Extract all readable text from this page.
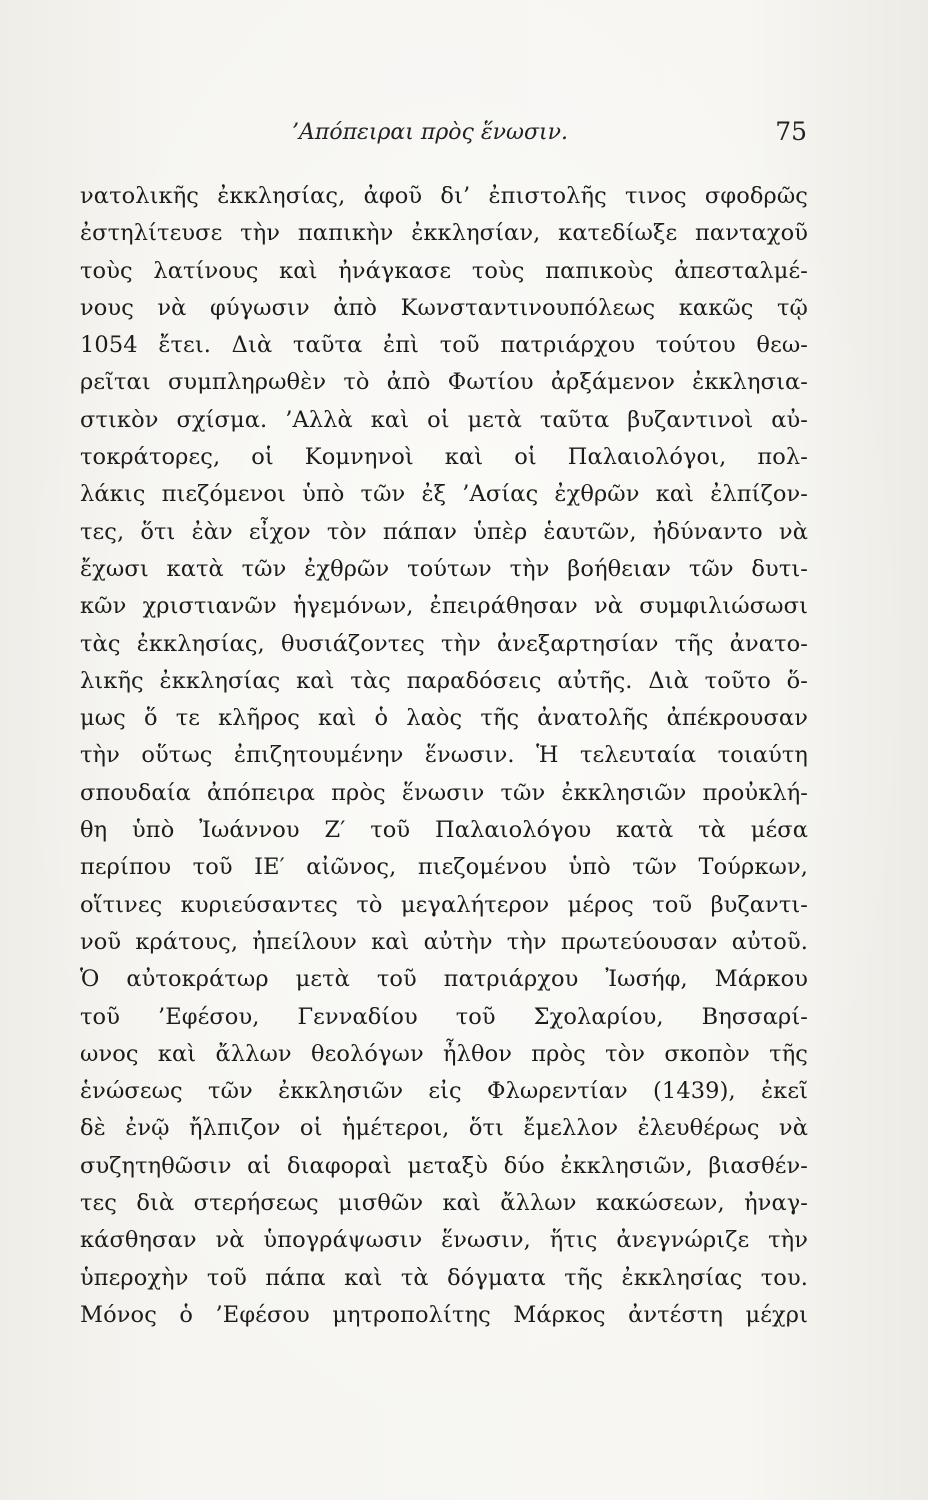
’Απόπειραι πρὸς ἕνωσιν.	75
νατολικῆς ἐκκλησίας, ἀφοῦ δι’ ἐπιστολῆς τινος σφοδρῶς
ἐστηλίτευσε τὴν παπικὴν ἐκκλησίαν, κατεδίωξε πανταχοῦ
τοὺς λατίνους καὶ ἠνάγκασε τοὺς παπικοὺς ἀπεσταλμέ-
νους νὰ φύγωσιν ἀπὸ Κωνσταντινουπόλεως κακῶς τῷ
1054 ἔτει. Διὰ ταῦτα ἐπὶ τοῦ πατριάρχου τούτου θεω-
ρεῖται συμπληρωθὲν τὸ ἀπὸ Φωτίου ἀρξάμενον ἐκκλησια-
στικὸν σχίσμα. ’Αλλὰ καὶ οἱ μετὰ ταῦτα βυζαντινοὶ αὐ-
τοκράτορες, οἱ Κομνηνοὶ καὶ οἱ Παλαιολόγοι, πολ-
λάκις πιεζόμενοι ὑπὸ τῶν ἐξ ’Ασίας ἐχθρῶν καὶ ἐλπίζον-
τες, ὅτι ἐὰν εἶχον τὸν πάπαν ὑπὲρ ἑαυτῶν, ἠδύναντο νὰ
ἔχωσι κατὰ τῶν ἐχθρῶν τούτων τὴν βοήθειαν τῶν δυτι-
κῶν χριστιανῶν ἡγεμόνων, ἐπειράθησαν νὰ συμφιλιώσωσι
τὰς ἐκκλησίας, θυσιάζοντες τὴν ἀνεξαρτησίαν τῆς ἀνατο-
λικῆς ἐκκλησίας καὶ τὰς παραδόσεις αὐτῆς. Διὰ τοῦτο ὅ-
μως ὅ τε κλῆρος καὶ ὁ λαὸς τῆς ἀνατολῆς ἀπέκρουσαν
τὴν οὕτως ἐπιζητουμένην ἕνωσιν. Ἡ τελευταία τοιαύτη
σπουδαία ἀπόπειρα πρὸς ἕνωσιν τῶν ἐκκλησιῶν προὐκλή-
θη ὑπὸ Ἰωάννου Ζ′ τοῦ Παλαιολόγου κατὰ τὰ μέσα
περίπου τοῦ ΙΕ′ αἰῶνος, πιεζομένου ὑπὸ τῶν Τούρκων,
οἵτινες κυριεύσαντες τὸ μεγαλήτερον μέρος τοῦ βυζαντι-
νοῦ κράτους, ἠπείλουν καὶ αὐτὴν τὴν πρωτεύουσαν αὐτοῦ.
Ὁ αὐτοκράτωρ μετὰ τοῦ πατριάρχου Ἰωσήφ, Μάρκου
τοῦ ’Εφέσου, Γενναδίου τοῦ Σχολαρίου, Βησσαρί-
ωνος καὶ ἄλλων θεολόγων ἦλθον πρὸς τὸν σκοπὸν τῆς
ἑνώσεως τῶν ἐκκλησιῶν εἰς Φλωρεντίαν (1439), ἐκεῖ
δὲ ἐνῷ ἤλπιζον οἱ ἡμέτεροι, ὅτι ἔμελλον ἐλευθέρως νὰ
συζητηθῶσιν αἱ διαφοραὶ μεταξὺ δύο ἐκκλησιῶν, βιασθέν-
τες διὰ στερήσεως μισθῶν καὶ ἄλλων κακώσεων, ἠναγ-
κάσθησαν νὰ ὑπογράψωσιν ἕνωσιν, ἥτις ἀνεγνώριζε τὴν
ὑπεροχὴν τοῦ πάπα καὶ τὰ δόγματα τῆς ἐκκλησίας του.
Μόνος ὁ ’Εφέσου μητροπολίτης Μάρκος ἀντέστη μέχρι
